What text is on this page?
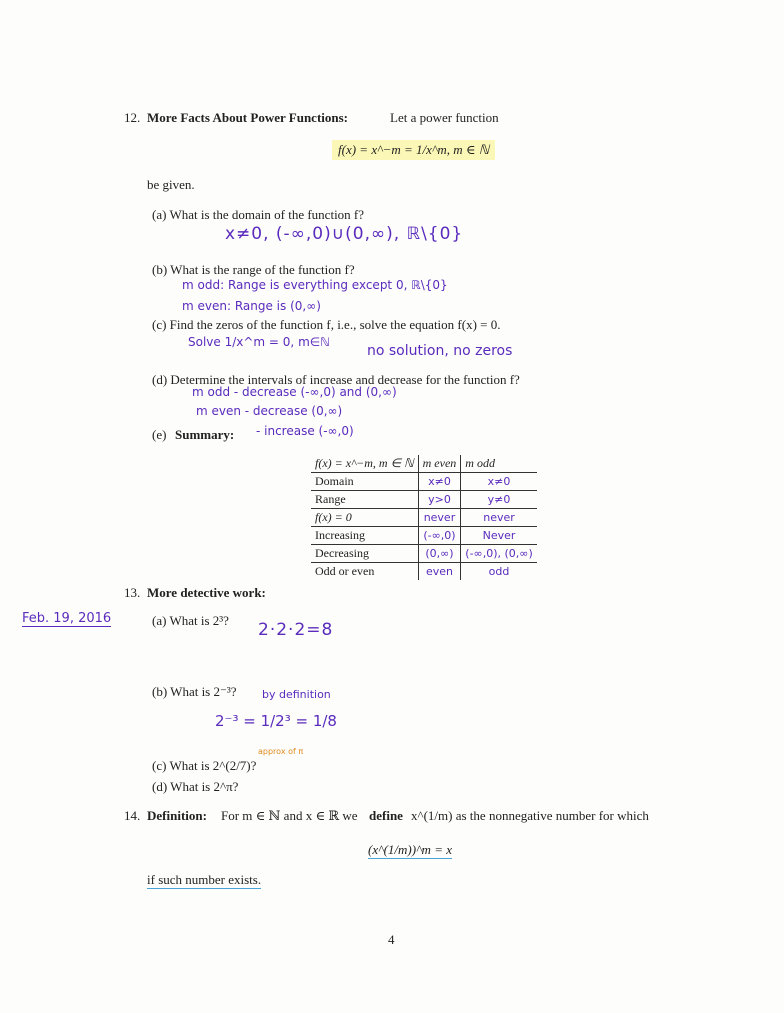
12. More Facts About Power Functions:	Let a power function
f(x) = x^−m = 1/x^m, m ∈ ℕ
be given.
(a) What is the domain of the function f?
x≠0, (-∞,0)∪(0,∞), ℝ\{0}
(b) What is the range of the function f?
m odd: Range is everything except 0, ℝ\{0}
m even: Range is (0,∞)
(c) Find the zeros of the function f, i.e., solve the equation f(x) = 0.
Solve 1/x^m = 0, m∈ℕ
no solution, no zeros
(d) Determine the intervals of increase and decrease for the function f?
m odd - decrease (-∞,0) and (0,∞)
m even - decrease (0,∞)
- increase (-∞,0)
(e) Summary:
f(x) = x^−m, m ∈ ℕ	m even	m odd
Domain	x≠0	x≠0
Range	y>0	y≠0
f(x) = 0	never	never
Increasing	(-∞,0)	Never
Decreasing	(0,∞)	(-∞,0), (0,∞)
Odd or even	even	odd
13. More detective work:
Feb. 19, 2016	(a) What is 2³? 2·2·2=8
(b) What is 2⁻³? by definition
2⁻³ = 1/2³ = 1/8
(c) What is 2^(2/7)?
approx of π
(d) What is 2^π?
14. Definition: For m ∈ ℕ and x ∈ ℝ we define x^(1/m) as the nonnegative number for which
(x^(1/m))^m = x
if such number exists.
4
